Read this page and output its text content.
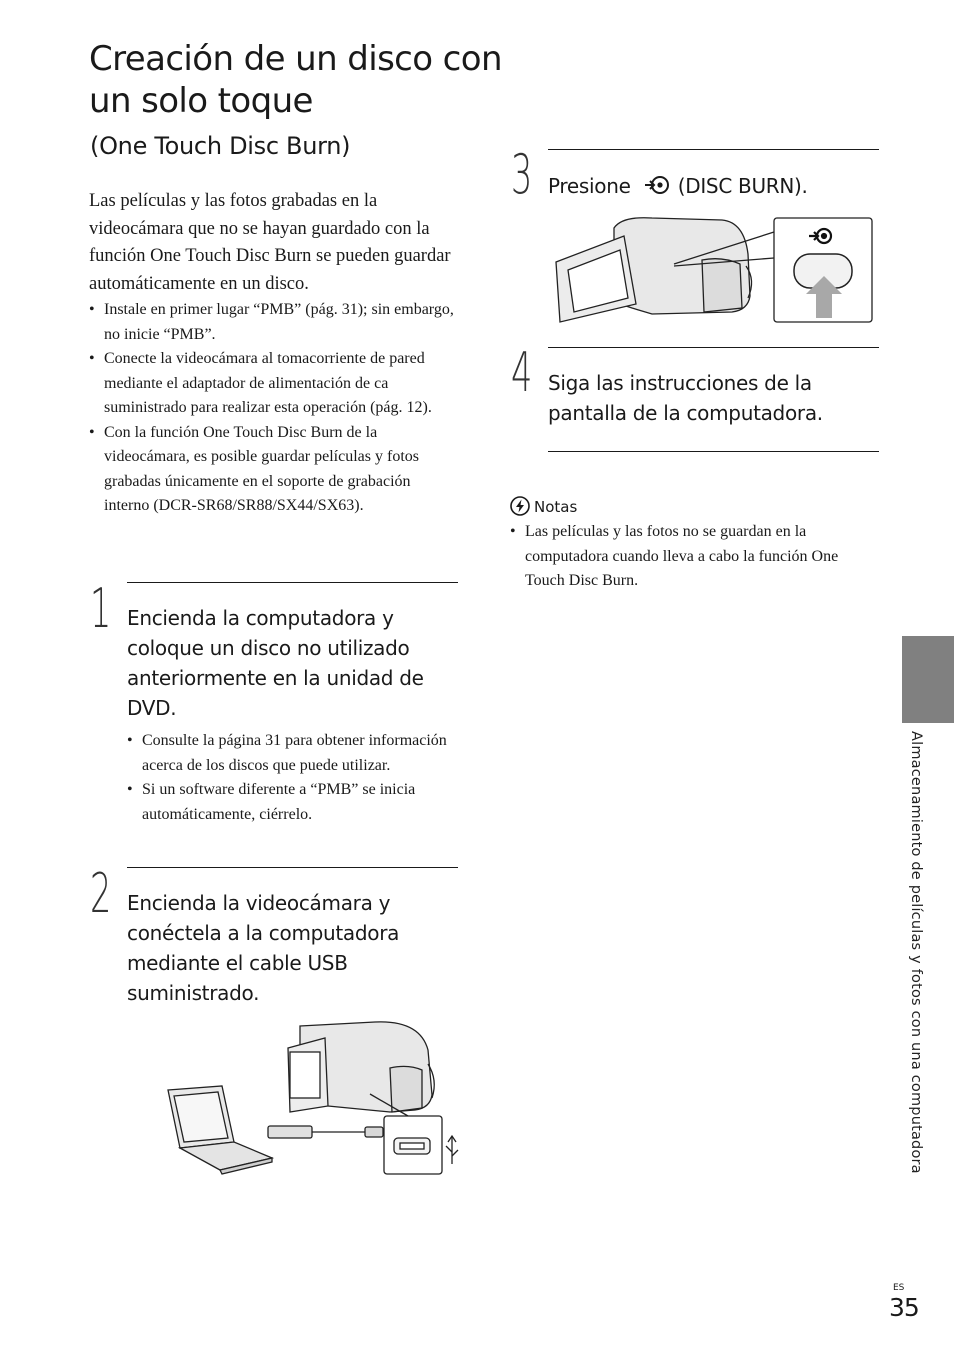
Creación de un disco con un solo toque
(One Touch Disc Burn)

Las películas y las fotos grabadas en la videocámara que no se hayan guardado con la función One Touch Disc Burn se pueden guardar automáticamente en un disco.

• Instale en primer lugar “PMB” (pág. 31); sin embargo, no inicie “PMB”.
• Conecte la videocámara al tomacorriente de pared mediante el adaptador de alimentación de ca suministrado para realizar esta operación (pág. 12).
• Con la función One Touch Disc Burn de la videocámara, es posible guardar películas y fotos grabadas únicamente en el soporte de grabación interno (DCR-SR68/SR88/SX44/SX63).
1 Encienda la computadora y coloque un disco no utilizado anteriormente en la unidad de DVD.

• Consulte la página 31 para obtener información acerca de los discos que puede utilizar.
• Si un software diferente a “PMB” se inicia automáticamente, ciérrelo.
2 Encienda la videocámara y conéctela a la computadora mediante el cable USB suministrado.

3 Presione (DISC BURN).

4 Siga las instrucciones de la pantalla de la computadora.

Notas
• Las películas y las fotos no se guardan en la computadora cuando lleva a cabo la función One Touch Disc Burn.
Almacenamiento de películas y fotos con una computadora
ES
35
